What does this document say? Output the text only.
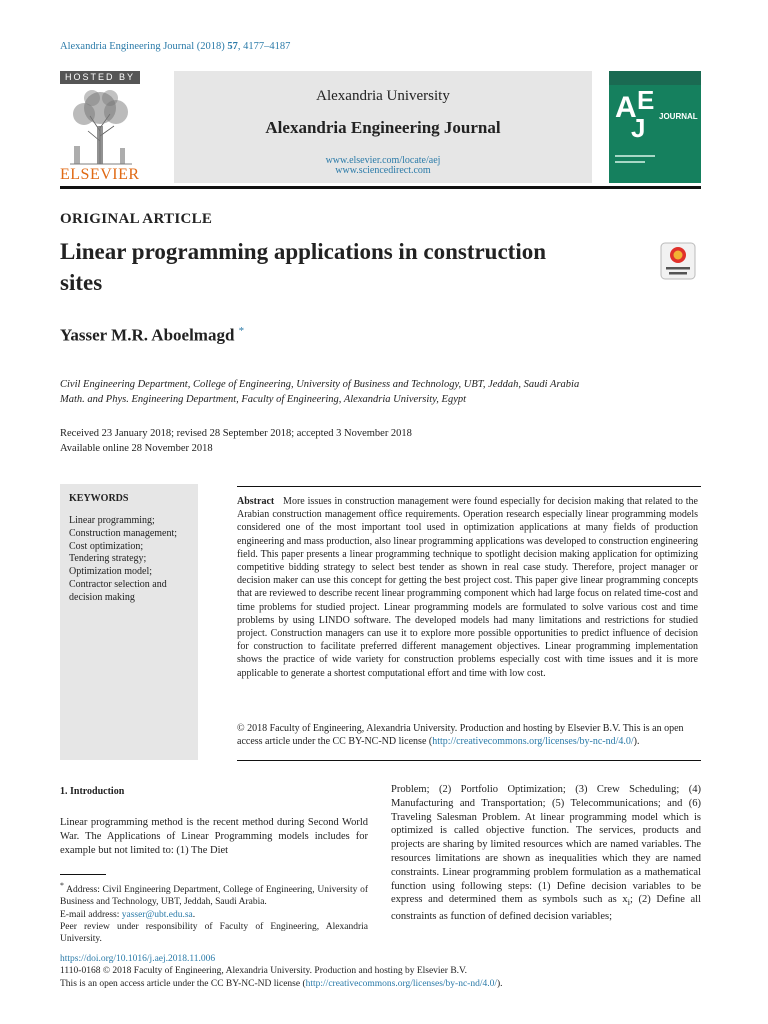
Alexandria Engineering Journal (2018) 57, 4177–4187
HOSTED BY
ELSEVIER
Alexandria University
Alexandria Engineering Journal
www.elsevier.com/locate/aej
www.sciencedirect.com
A E
J JOURNAL
ORIGINAL ARTICLE
Linear programming applications in construction
sites
Yasser M.R. Aboelmagd *
Civil Engineering Department, College of Engineering, University of Business and Technology, UBT, Jeddah, Saudi Arabia
Math. and Phys. Engineering Department, Faculty of Engineering, Alexandria University, Egypt
Received 23 January 2018; revised 28 September 2018; accepted 3 November 2018
Available online 28 November 2018
KEYWORDS
Linear programming;
Construction management;
Cost optimization;
Tendering strategy;
Optimization model;
Contractor selection and
decision making
Abstract More issues in construction management were found especially for decision making that related to the Arabian construction management office requirements. Operation research especially linear programming models considered one of the most important tool used in optimization applications at many fields of production engineering and mass production, also linear programming applications was developed to construction engineering field. This paper presents a linear programming technique to spotlight decision making application for optimizing competitive bidding strategy to select best tender as shown in real case study. Therefore, project manager or decision maker can use this concept for getting the best project cost. This paper give linear programming concepts that are reviewed to describe recent linear programming component which had large focus on related time-cost and time problems for studied project. Linear programming models are formulated to solve various cost and time problems by using LINDO software. The developed models had many limitations and restrictions for studied project. Construction managers can use it to explore more possible opportunities to predict influence of decision for construction to facilitate preferred different management objectives. Linear programming implementation shows the practice of wide variety for construction problems especially cost with time issues and it is more applicable to generate a shortest computational effort and time with low cost.
© 2018 Faculty of Engineering, Alexandria University. Production and hosting by Elsevier B.V. This is an open access article under the CC BY-NC-ND license (http://creativecommons.org/licenses/by-nc-nd/4.0/).
1. Introduction
Linear programming method is the recent method during Second World War. The Applications of Linear Programming models includes for example but not limited to: (1) The Diet
Problem; (2) Portfolio Optimization; (3) Crew Scheduling; (4) Manufacturing and Transportation; (5) Telecommunications; and (6) Traveling Salesman Problem. At linear programming model which is optimized is called objective function. The services, products and projects are sharing by limited resources which are named variables. The resources limitations are shown as inequalities which they are named constraints. Linear programming problem formulation as a mathematical function using following steps: (1) Define decision variables to be express and determined them as symbols such as $x_i$; (2) Define all constraints as function of defined decision variables;

* Address: Civil Engineering Department, College of Engineering, University of Business and Technology, UBT, Jeddah, Saudi Arabia.

E-mail address: yasser@ubt.edu.sa.

Peer review under responsibility of Faculty of Engineering, Alexandria University.

https://doi.org/10.1016/j.aej.2018.11.006
1110-0168 © 2018 Faculty of Engineering, Alexandria University. Production and hosting by Elsevier B.V.
This is an open access article under the CC BY-NC-ND license (http://creativecommons.org/licenses/by-nc-nd/4.0/).
